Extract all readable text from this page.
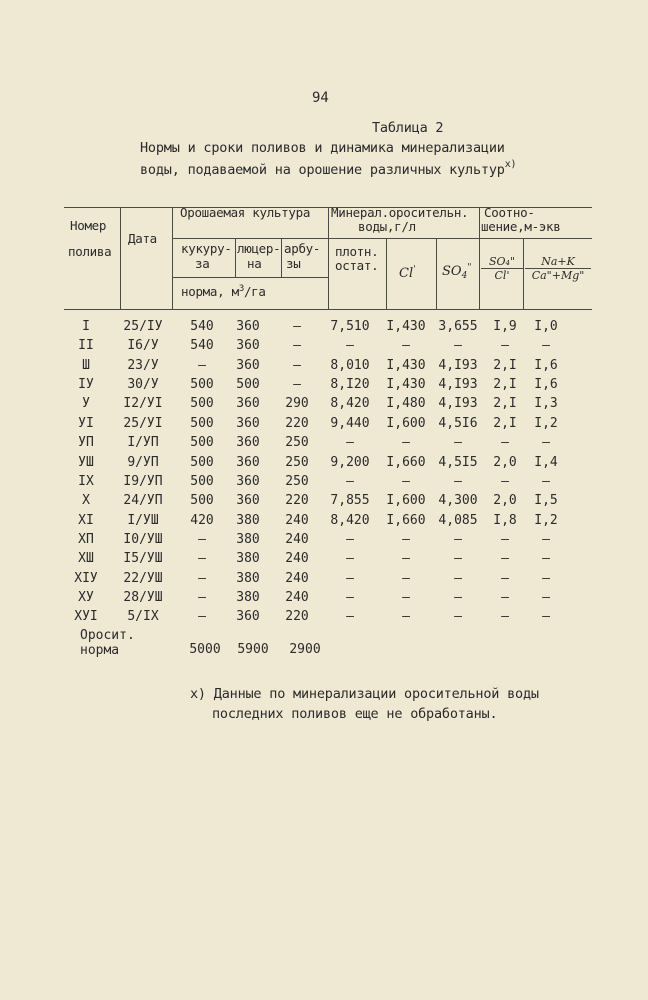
94
Таблица 2
Нормы и сроки поливов и динамика минерализации
воды, подаваемой на орошение различных культур$^{x)}$
Номер
полива
Дата
Орошаемая культура
кукуру-
за
люцер-
на
арбу-
зы
норма, $м^3/га$
Минерал.оросительн.
воды,г/л
плотн.
остат.
Cl' $SO_4^"$
Соотно-
шение,м-экв
$\frac{\text{SO₄"}}{Cl'} \frac{Na+K}{Ca"+Mg"}$
I	25/IУ	540	360	–	7,510	I,430 3,655	I,9	I,0
II	I6/У	540	360	–	–	–	–	–	–
Ш	23/У	–	360	–	8,010	I,430 4,I93	2,I	I,6
IУ	30/У	500	500	–	8,I20	I,430 4,I93	2,I	I,6
У	I2/УI	500	360	290	8,420	I,480 4,I93	2,I	I,3
УI	25/УI	500	360	220	9,440	I,600 4,5I6	2,I	I,2
УП	I/УП	500	360	250	–	–	–	–	–
УШ	9/УП	500	360	250	9,200	I,660 4,5I5	2,0	I,4
IX	I9/УП	500	360	250	–	–	–	–	–
X	24/УП	500	360	220	7,855	I,600 4,300	2,0	I,5
XI	I/УШ	420	380	240	8,420	I,660 4,085	I,8	I,2
XП	I0/УШ	–	380	240	–	–	–	–	–
XШ	I5/УШ	–	380	240	–	–	–	–	–
XIУ	22/УШ	–	380	240	–	–	–	–	–
XУ	28/УШ	–	380	240	–	–	–	–	–
XУI	5/IX	–	360	220	–	–	–	–	–
Оросит.
норма	5000	5900	2900
x) Данные по минерализации оросительной воды
последних поливов еще не обработаны.
